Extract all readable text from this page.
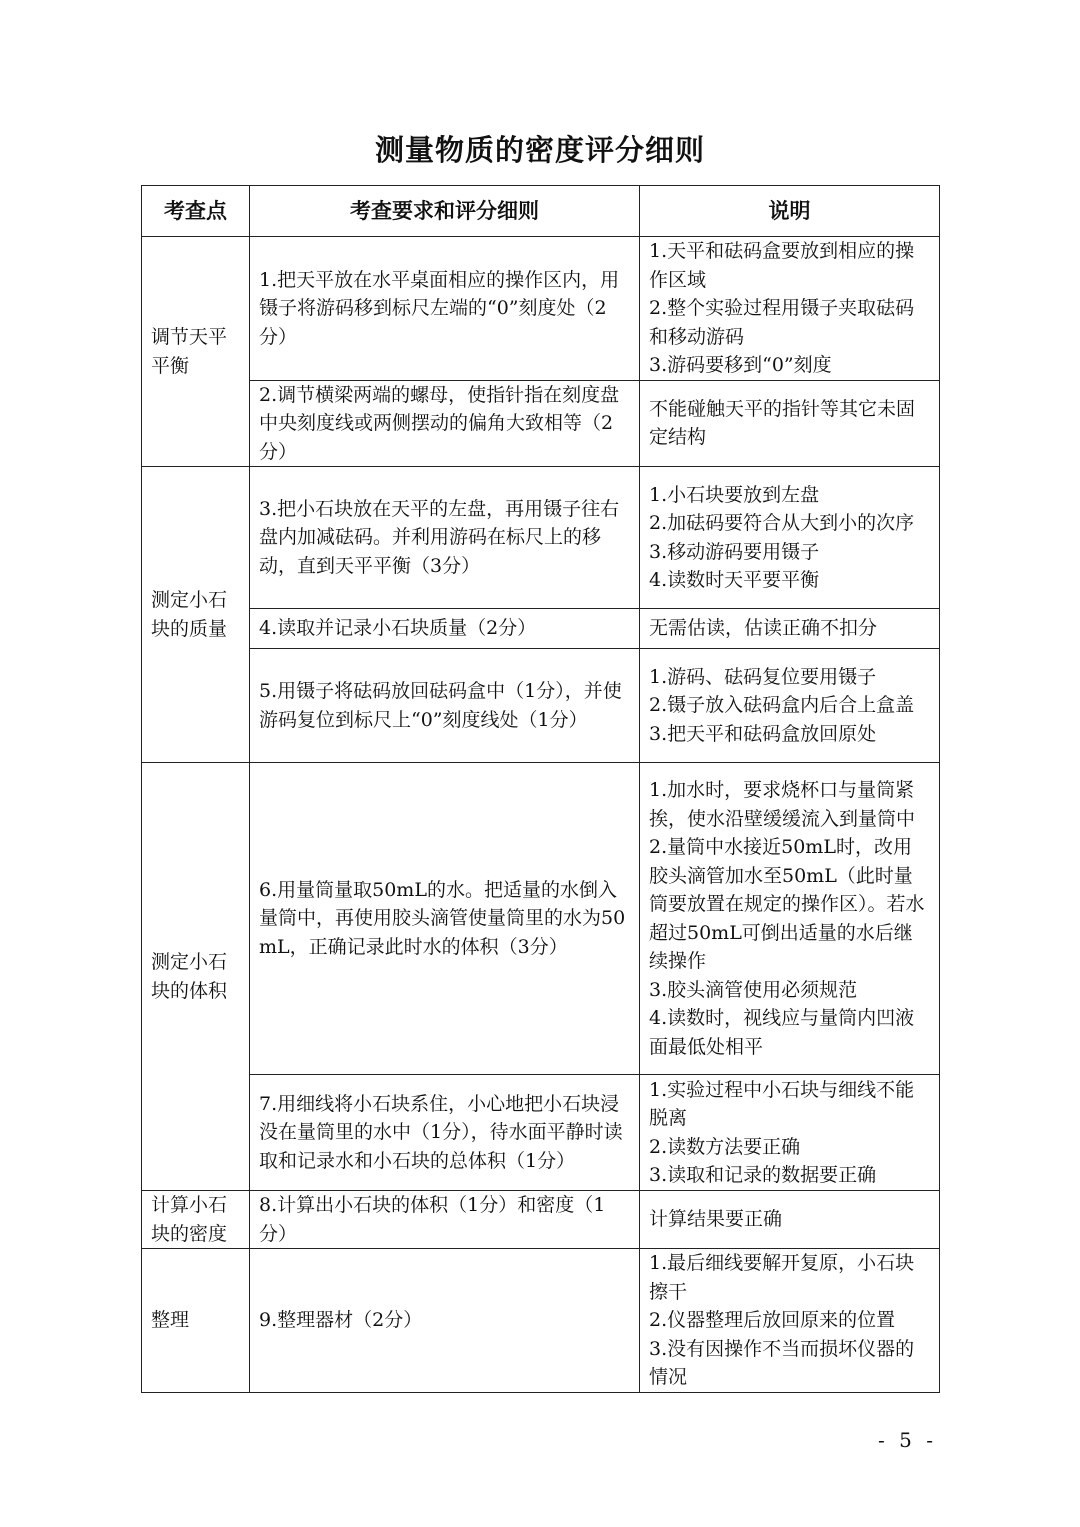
测量物质的密度评分细则
考查点	考查要求和评分细则	说明
调节天平平衡	1.把天平放在水平桌面相应的操作区内，用镊子将游码移到标尺左端的“0”刻度处（2分）	1.天平和砝码盒要放到相应的操作区域
2.整个实验过程用镊子夹取砝码和移动游码
3.游码要移到“0”刻度

	2.调节横梁两端的螺母，使指针指在刻度盘中央刻度线或两侧摆动的偏角大致相等（2分）	不能碰触天平的指针等其它未固定结构

测定小石块的质量	3.把小石块放在天平的左盘，再用镊子往右盘内加减砝码。并利用游码在标尺上的移动，直到天平平衡（3分）	1.小石块要放到左盘
2.加砝码要符合从大到小的次序
3.移动游码要用镊子
4.读数时天平要平衡

	4.读取并记录小石块质量（2分）	无需估读，估读正确不扣分

	5.用镊子将砝码放回砝码盒中（1分），并使游码复位到标尺上“0”刻度线处（1分）	1.游码、砝码复位要用镊子
2.镊子放入砝码盒内后合上盒盖
3.把天平和砝码盒放回原处

测定小石块的体积	6.用量筒量取50mL的水。把适量的水倒入量筒中，再使用胶头滴管使量筒里的水为50mL，正确记录此时水的体积（3分）	1.加水时，要求烧杯口与量筒紧挨，使水沿壁缓缓流入到量筒中
2.量筒中水接近50mL时，改用胶头滴管加水至50mL（此时量筒要放置在规定的操作区）。若水超过50mL可倒出适量的水后继续操作
3.胶头滴管使用必须规范
4.读数时，视线应与量筒内凹液面最低处相平

	7.用细线将小石块系住，小心地把小石块浸没在量筒里的水中（1分），待水面平静时读取和记录水和小石块的总体积（1分）	1.实验过程中小石块与细线不能脱离
2.读数方法要正确
3.读取和记录的数据要正确

计算小石块的密度	8.计算出小石块的体积（1分）和密度（1分）	计算结果要正确

整理	9.整理器材（2分）	1.最后细线要解开复原，小石块擦干
2.仪器整理后放回原来的位置
3.没有因操作不当而损坏仪器的情况
- 5 -
